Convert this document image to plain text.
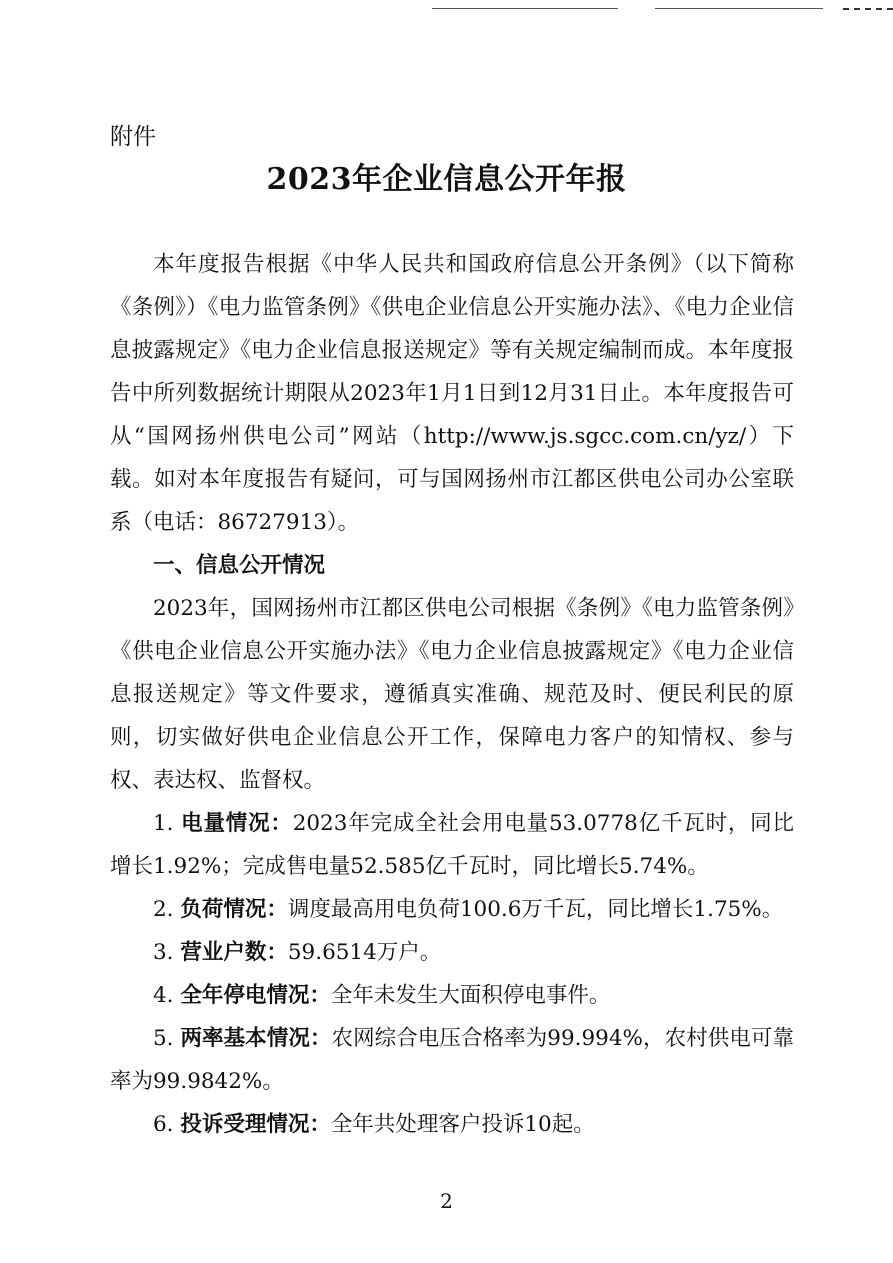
附件
2023年企业信息公开年报

本年度报告根据《中华人民共和国政府信息公开条例》（以下简称《条例》）《电力监管条例》《供电企业信息公开实施办法》、《电力企业信息披露规定》《电力企业信息报送规定》等有关规定编制而成。本年度报告中所列数据统计期限从2023年1月1日到12月31日止。本年度报告可从“国网扬州供电公司”网站（http://www.js.sgcc.com.cn/yz/）下载。如对本年度报告有疑问，可与国网扬州市江都区供电公司办公室联系（电话：86727913）。

一、信息公开情况

2023年，国网扬州市江都区供电公司根据《条例》《电力监管条例》《供电企业信息公开实施办法》《电力企业信息披露规定》《电力企业信息报送规定》等文件要求，遵循真实准确、规范及时、便民利民的原则，切实做好供电企业信息公开工作，保障电力客户的知情权、参与权、表达权、监督权。

1. 电量情况：2023年完成全社会用电量53.0778亿千瓦时，同比增长1.92%；完成售电量52.585亿千瓦时，同比增长5.74%。

2. 负荷情况：调度最高用电负荷100.6万千瓦，同比增长1.75%。

3. 营业户数：59.6514万户。

4. 全年停电情况：全年未发生大面积停电事件。

5. 两率基本情况：农网综合电压合格率为99.994%，农村供电可靠率为99.9842%。

6. 投诉受理情况：全年共处理客户投诉10起。

2
